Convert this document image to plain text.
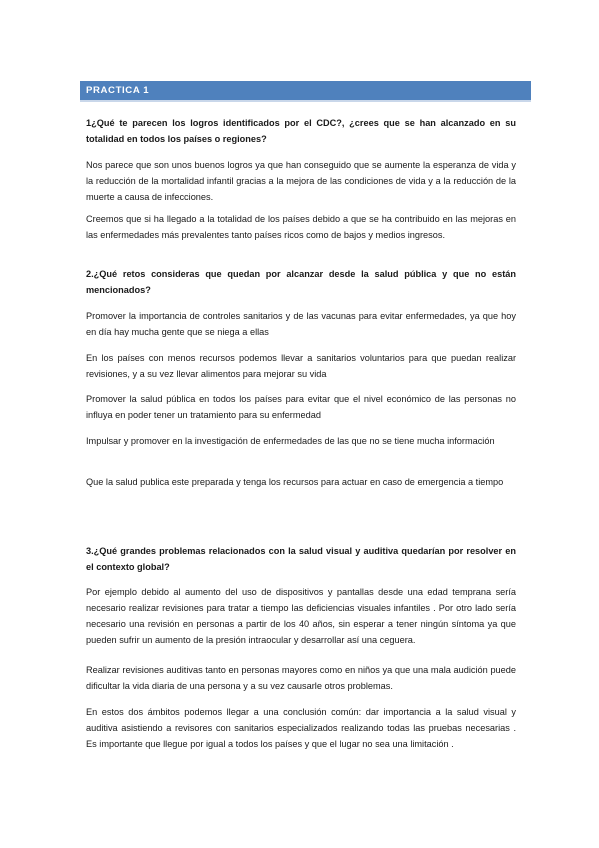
PRACTICA 1
1¿Qué te parecen los logros identificados por el CDC?, ¿crees que se han alcanzado en su totalidad en todos los países o regiones?
Nos parece que son unos buenos logros ya que han conseguido que se aumente la esperanza de vida y la reducción de la mortalidad infantil gracias a la mejora de las condiciones de vida y a la reducción de la muerte a causa de infecciones.
Creemos que si ha llegado a la totalidad de los países debido a que se ha contribuido en las mejoras en las enfermedades más prevalentes tanto países ricos como de bajos y medios ingresos.
2.¿Qué retos consideras que quedan por alcanzar desde la salud pública y que no están mencionados?
Promover la importancia de controles sanitarios y de las vacunas para evitar enfermedades, ya que hoy en día hay mucha gente que se niega a ellas
En los países con menos recursos podemos llevar a sanitarios voluntarios para que puedan realizar revisiones, y a su vez llevar alimentos para mejorar su vida
Promover la salud pública en todos los países para evitar que el nivel económico de las personas no influya en poder tener un tratamiento para su enfermedad
Impulsar y promover en la investigación de enfermedades de las que no se tiene mucha información
Que la salud publica este preparada y tenga los recursos para actuar en caso de emergencia a tiempo
3.¿Qué grandes problemas relacionados con la salud visual y auditiva quedarían por resolver en el contexto global?
Por ejemplo debido al aumento del uso de dispositivos y pantallas desde una edad temprana sería necesario realizar revisiones para tratar a tiempo las deficiencias visuales infantiles . Por otro lado sería necesario una revisión en personas a partir de los 40 años, sin esperar a tener ningún síntoma ya que pueden sufrir un aumento de la presión intraocular y desarrollar así una ceguera.
Realizar revisiones auditivas tanto en personas mayores como en niños ya que una mala audición puede dificultar la vida diaria de una persona y a su vez causarle otros problemas.
En estos dos ámbitos podemos llegar a una conclusión común: dar importancia a la salud visual y auditiva asistiendo a revisores con sanitarios especializados realizando todas las pruebas necesarias . Es importante que llegue por igual a todos los países y que el lugar no sea una limitación .
